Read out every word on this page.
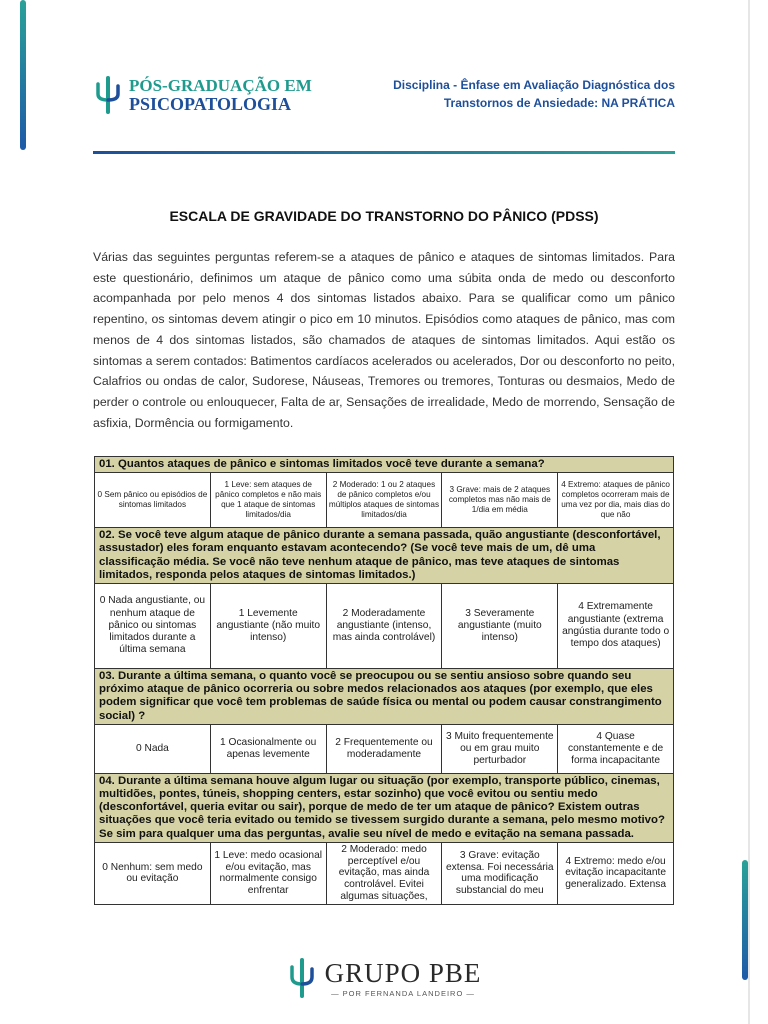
PÓS-GRADUAÇÃO EM
PSICOPATOLOGIA
Disciplina - Ênfase em Avaliação Diagnóstica dos
Transtornos de Ansiedade: NA PRÁTICA
ESCALA DE GRAVIDADE DO TRANSTORNO DO PÂNICO (PDSS)
Várias das seguintes perguntas referem-se a ataques de pânico e ataques de sintomas limitados. Para este questionário, definimos um ataque de pânico como uma súbita onda de medo ou desconforto acompanhada por pelo menos 4 dos sintomas listados abaixo. Para se qualificar como um pânico repentino, os sintomas devem atingir o pico em 10 minutos. Episódios como ataques de pânico, mas com menos de 4 dos sintomas listados, são chamados de ataques de sintomas limitados. Aqui estão os sintomas a serem contados: Batimentos cardíacos acelerados ou acelerados, Dor ou desconforto no peito, Calafrios ou ondas de calor, Sudorese, Náuseas, Tremores ou tremores, Tonturas ou desmaios, Medo de perder o controle ou enlouquecer, Falta de ar, Sensações de irrealidade, Medo de morrendo, Sensação de asfixia, Dormência ou formigamento.
01. Quantos ataques de pânico e sintomas limitados você teve durante a semana?				
0 Sem pânico ou episódios de sintomas limitados	1 Leve: sem ataques de pânico completos e não mais que 1 ataque de sintomas limitados/dia	2 Moderado: 1 ou 2 ataques de pânico completos e/ou múltiplos ataques de sintomas limitados/dia	3 Grave: mais de 2 ataques completos mas não mais de 1/dia em média	4 Extremo: ataques de pânico completos ocorreram mais de uma vez por dia, mais dias do que não
02. Se você teve algum ataque de pânico durante a semana passada, quão angustiante (desconfortável, assustador) eles foram enquanto estavam acontecendo? (Se você teve mais de um, dê uma classificação média. Se você não teve nenhum ataque de pânico, mas teve ataques de sintomas limitados, responda pelos ataques de sintomas limitados.)				
0 Nada angustiante, ou nenhum ataque de pânico ou sintomas limitados durante a última semana	1 Levemente angustiante (não muito intenso)	2 Moderadamente angustiante (intenso, mas ainda controlável)	3 Severamente angustiante (muito intenso)	4 Extremamente angustiante (extrema angústia durante todo o tempo dos ataques)
03. Durante a última semana, o quanto você se preocupou ou se sentiu ansioso sobre quando seu próximo ataque de pânico ocorreria ou sobre medos relacionados aos ataques (por exemplo, que eles podem significar que você tem problemas de saúde física ou mental ou podem causar constrangimento social) ?				
0 Nada	1 Ocasionalmente ou apenas levemente	2 Frequentemente ou moderadamente	3 Muito frequentemente ou em grau muito perturbador	4 Quase constantemente e de forma incapacitante
04. Durante a última semana houve algum lugar ou situação (por exemplo, transporte público, cinemas, multidões, pontes, túneis, shopping centers, estar sozinho) que você evitou ou sentiu medo (desconfortável, queria evitar ou sair), porque de medo de ter um ataque de pânico? Existem outras situações que você teria evitado ou temido se tivessem surgido durante a semana, pelo mesmo motivo? Se sim para qualquer uma das perguntas, avalie seu nível de medo e evitação na semana passada.				
0 Nenhum: sem medo ou evitação	1 Leve: medo ocasional e/ou evitação, mas normalmente consigo enfrentar	2 Moderado: medo perceptível e/ou evitação, mas ainda controlável. Evitei algumas situações,	3 Grave: evitação extensa. Foi necessária uma modificação substancial do meu	4 Extremo: medo e/ou evitação incapacitante generalizado. Extensa
GRUPO PBE
— POR FERNANDA LANDEIRO —
